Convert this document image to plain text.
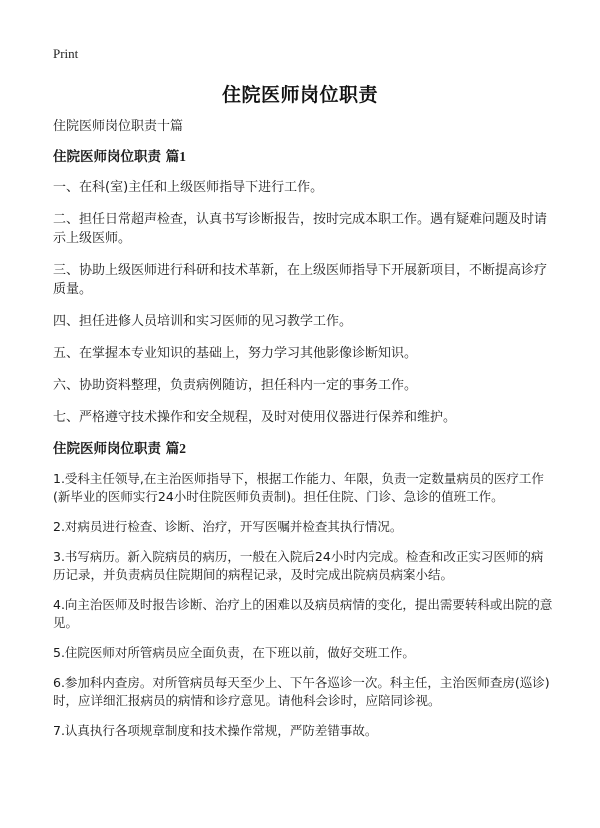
Print
住院医师岗位职责

住院医师岗位职责十篇

住院医师岗位职责 篇1

一、在科(室)主任和上级医师指导下进行工作。

二、担任日常超声检查，认真书写诊断报告，按时完成本职工作。遇有疑难问题及时请示上级医师。

三、协助上级医师进行科研和技术革新，在上级医师指导下开展新项目，不断提高诊疗质量。

四、担任进修人员培训和实习医师的见习教学工作。

五、在掌握本专业知识的基础上，努力学习其他影像诊断知识。

六、协助资料整理，负责病例随访，担任科内一定的事务工作。

七、严格遵守技术操作和安全规程，及时对使用仪器进行保养和维护。

住院医师岗位职责 篇2

1.受科主任领导,在主治医师指导下，根据工作能力、年限，负责一定数量病员的医疗工作(新毕业的医师实行24小时住院医师负责制)。担任住院、门诊、急诊的值班工作。

2.对病员进行检查、诊断、治疗，开写医嘱并检查其执行情况。

3.书写病历。新入院病员的病历，一般在入院后24小时内完成。检查和改正实习医师的病历记录，并负责病员住院期间的病程记录，及时完成出院病员病案小结。

4.向主治医师及时报告诊断、治疗上的困难以及病员病情的变化，提出需要转科或出院的意见。

5.住院医师对所管病员应全面负责，在下班以前，做好交班工作。

6.参加科内查房。对所管病员每天至少上、下午各巡诊一次。科主任，主治医师查房(巡诊)时，应详细汇报病员的病情和诊疗意见。请他科会诊时，应陪同诊视。

7.认真执行各项规章制度和技术操作常规，严防差错事故。
